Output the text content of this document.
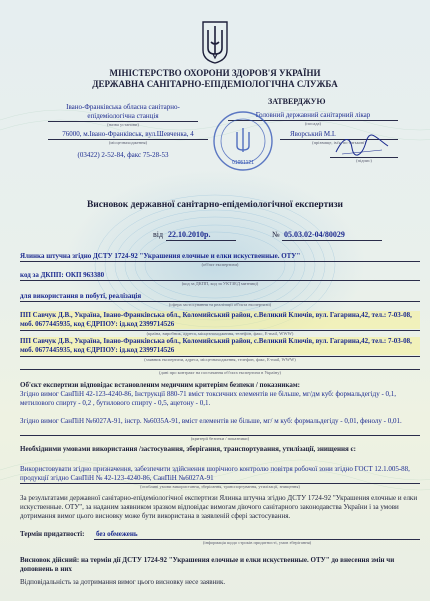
МІНІСТЕРСТВО ОХОРОНИ ЗДОРОВ'Я УКРАЇНИ
ДЕРЖАВНА САНІТАРНО-ЕПІДЕМІОЛОГІЧНА СЛУЖБА
Івано-Франківська обласна санітарно-
епідеміологічна станція
(назва установи)
76000, м.Івано-Франківськ, вул.Шевченка, 4
(місцезнаходження)
(03422) 2-52-84, факс 75-28-53
ЗАТВЕРДЖУЮ
Головний державний санітарний лікар
(посада)
Яворський М.І.
(прізвище, ім'я, по батькові)
(підпис)
01051121
Висновок державної санітарно-епідеміологічної експертизи
від 22.10.2010р.	№ 05.03.02-04/80029
Ялинка штучна згідно ДСТУ 1724-92 "Украшения елочные и елки искуственные. ОТУ"
(об'єкт експертизи)
код за ДКПП: ОКП 963380
(код за ДКПП, код за УКТЗЕД митниці)
для використання в побуті, реалізація
(сфера застосування та реалізації об'єкта експертизи)
ПП Савчук Д.В., Україна, Івано-Франківська обл., Коломийський район, с.Великий Ключів, вул. Гагарина,42, тел.: 7-03-08, моб. 0677445935, код ЄДРПОУ: ід.код 2399714526
(країна, виробник, адреса, місцезнаходження, телефон, факс, E-mail, WWW)
ПП Савчук Д.В., Україна, Івано-Франківська обл., Коломийський район, с.Великий Ключів, вул. Гагарина,42, тел.: 7-03-08, моб. 0677445935, код ЄДРПОУ: ід.код 2399714526
(заявник експертизи, адреса, місцезнаходження, телефон, факс, E-mail, WWW)
(дані про контракт на постачання об'єкта експертизи в Україну)
Об'єкт експертизи відповідає встановленим медичним критеріям безпеки / показникам:
Згідно вимог СанПіН 42-123-4240-86, Інструкції 880-71 вміст токсичних елементів не більше, мг/дм куб: формальдегіду - 0,1, метилового спирту - 0,2 , бутилового спирту - 0,5, ацетону - 0,1.
Згідно вимог СанПіН №6027А-91, інстр. №6035А-91, вміст елементів не більше, мг/ м куб: формальдегіду - 0,01, фенолу - 0,01.
(критерії безпеки / показники)
Необхідними умовами використання /застосування, зберігання, транспортування, утилізації, знищення є:
Використовувати згідно призначення, забезпечити здійснення шорічного контролю повітря робочої зони згідно ГОСТ 12.1.005-88, продукції згідно СанПіН № 42-123-4240-86, СанПіН №6027А-91
(особливі умови використання, зберігання, транспортування, утилізації, знищення)
За результатами державної санітарно-епідеміологічної експертизи Ялинка штучна згідно ДСТУ 1724-92 "Украшения елочные и елки искуственные. ОТУ", за наданим заявником зразком відповідає вимогам діючого санітарного законодавства України і за умови дотримання вимог цього висновку може бути використана в заявленій сфері застосування.
Термін придатності: без обмежень
(інформація щодо строків придатності, умов зберігання)
Висновок дійсний: на термін дії ДСТУ 1724-92 "Украшения елочные и елки искуственные. ОТУ" до внесення змін чи доповнень в них
Відповідальність за дотримання вимог цього висновку несе заявник.
